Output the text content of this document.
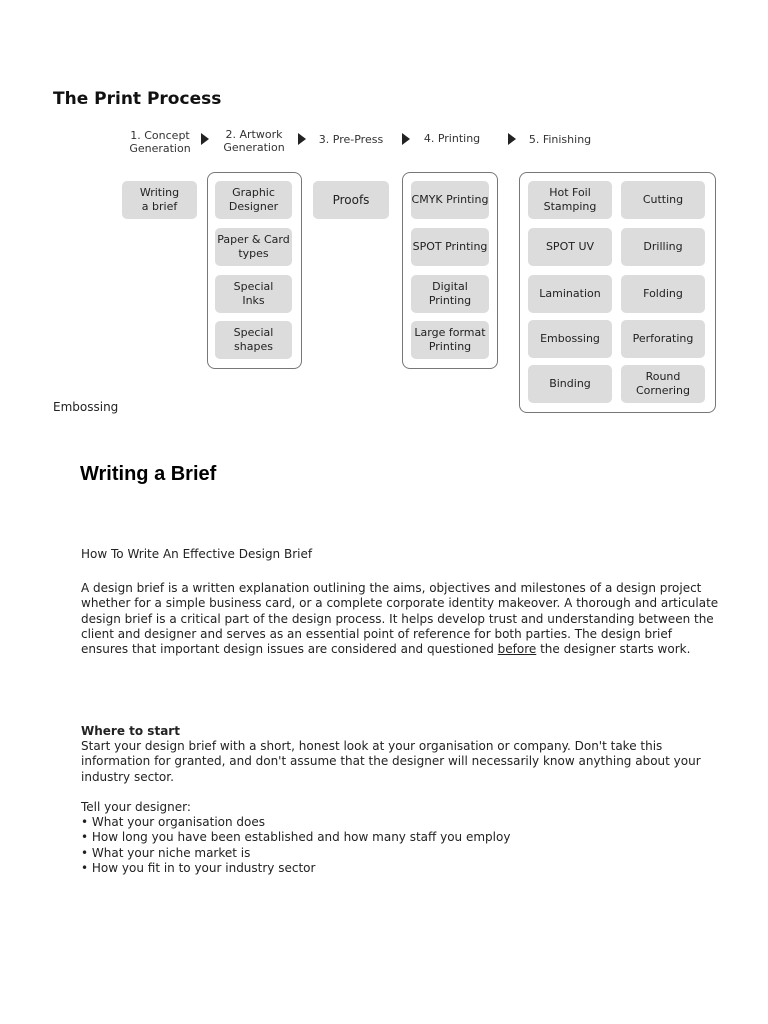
The Print Process
1. Concept
Generation
2. Artwork
Generation
3. Pre-Press	4. Printing	5. Finishing
Writing
a brief
Graphic
Designer
Paper & Card
types
Special
Inks
Special
shapes
Proofs	CMYK Printing
SPOT Printing
Digital
Printing
Large format
Printing
Hot Foil
Stamping
SPOT UV
Lamination
Embossing
Binding
Cutting
Drilling
Folding
Perforating
Round
Cornering
Embossing
Writing a Brief
How To Write An Effective Design Brief
A design brief is a written explanation outlining the aims, objectives and milestones of a design project whether for a simple business card, or a complete corporate identity makeover. A thorough and articulate design brief is a critical part of the design process. It helps develop trust and understanding between the client and designer and serves as an essential point of reference for both parties. The design brief ensures that important design issues are considered and questioned before the designer starts work.
Where to start
Start your design brief with a short, honest look at your organisation or company. Don't take this information for granted, and don't assume that the designer will necessarily know anything about your industry sector.
Tell your designer:
• What your organisation does
• How long you have been established and how many staff you employ
• What your niche market is
• How you fit in to your industry sector
